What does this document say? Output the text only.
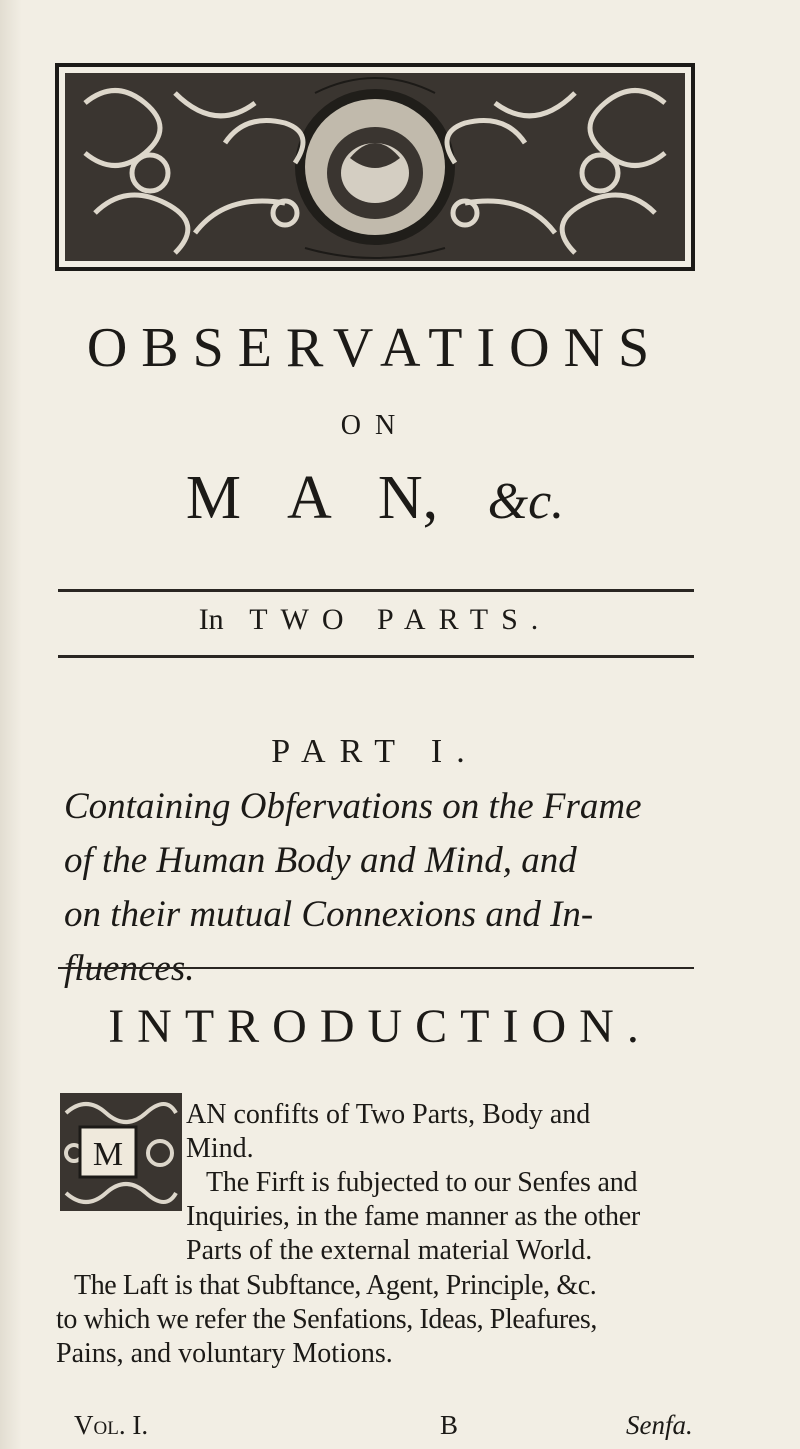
OBSERVATIONS
ON
M A N, &c.
In TWO PARTS.
PART I.
Containing Obfervations on the Frame
of the Human Body and Mind, and
on their mutual Connexions and In-
fluences.
INTRODUCTION.
M
AN confifts of Two Parts, Body and
Mind.
The Firft is fubjected to our Senfes and
Inquiries, in the fame manner as the other
Parts of the external material World.
The Laft is that Subftance, Agent, Principle, &c.
to which we refer the Senfations, Ideas, Pleafures,
Pains, and voluntary Motions.
Vol. I.	B	Senfa.
